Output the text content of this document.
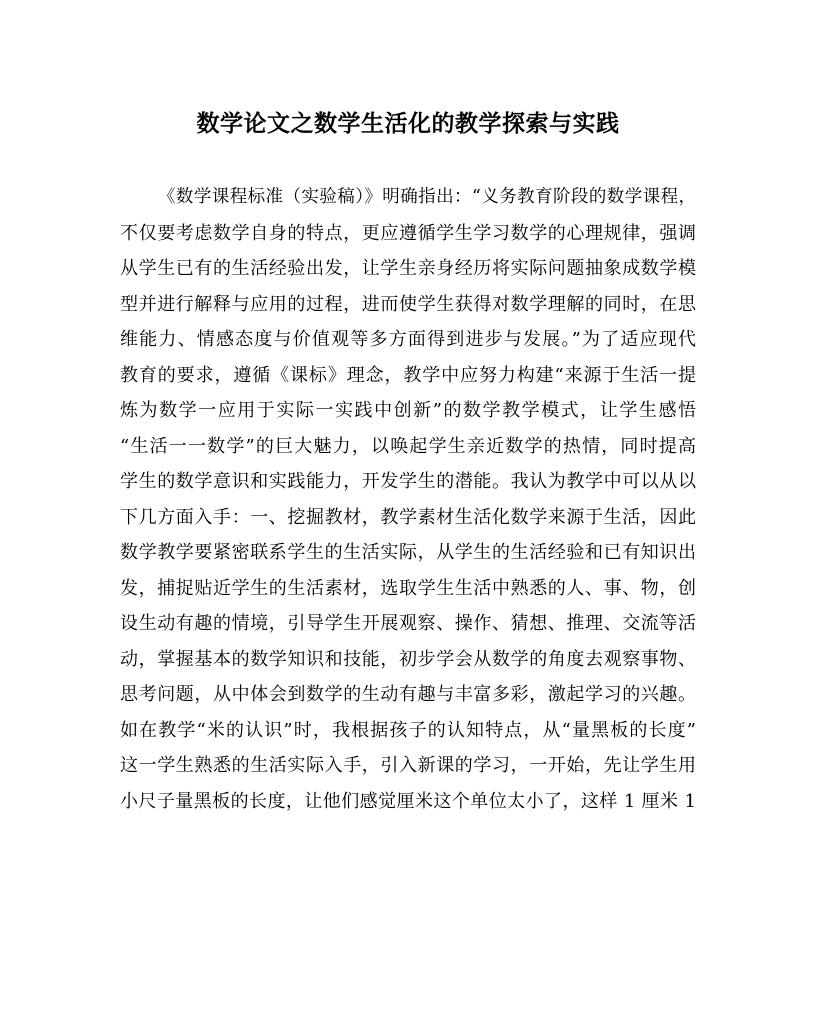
数学论文之数学生活化的教学探索与实践
《数学课程标准（实验稿）》明确指出：“义务教育阶段的数学课程，
不仅要考虑数学自身的特点，更应遵循学生学习数学的心理规律，强调
从学生已有的生活经验出发，让学生亲身经历将实际问题抽象成数学模
型并进行解释与应用的过程，进而使学生获得对数学理解的同时，在思
维能力、情感态度与价值观等多方面得到进步与发展。”为了适应现代
教育的要求，遵循《课标》理念，教学中应努力构建“来源于生活一提
炼为数学一应用于实际一实践中创新”的数学教学模式，让学生感悟
“生活一一数学”的巨大魅力，以唤起学生亲近数学的热情，同时提高
学生的数学意识和实践能力，开发学生的潜能。我认为教学中可以从以
下几方面入手：一、挖掘教材，教学素材生活化数学来源于生活，因此
数学教学要紧密联系学生的生活实际，从学生的生活经验和已有知识出
发，捕捉贴近学生的生活素材，选取学生生活中熟悉的人、事、物，创
设生动有趣的情境，引导学生开展观察、操作、猜想、推理、交流等活
动，掌握基本的数学知识和技能，初步学会从数学的角度去观察事物、
思考问题，从中体会到数学的生动有趣与丰富多彩，激起学习的兴趣。
如在教学“米的认识”时，我根据孩子的认知特点，从“量黑板的长度”
这一学生熟悉的生活实际入手，引入新课的学习，一开始，先让学生用
小尺子量黑板的长度，让他们感觉厘米这个单位太小了，这样 1 厘米 1
